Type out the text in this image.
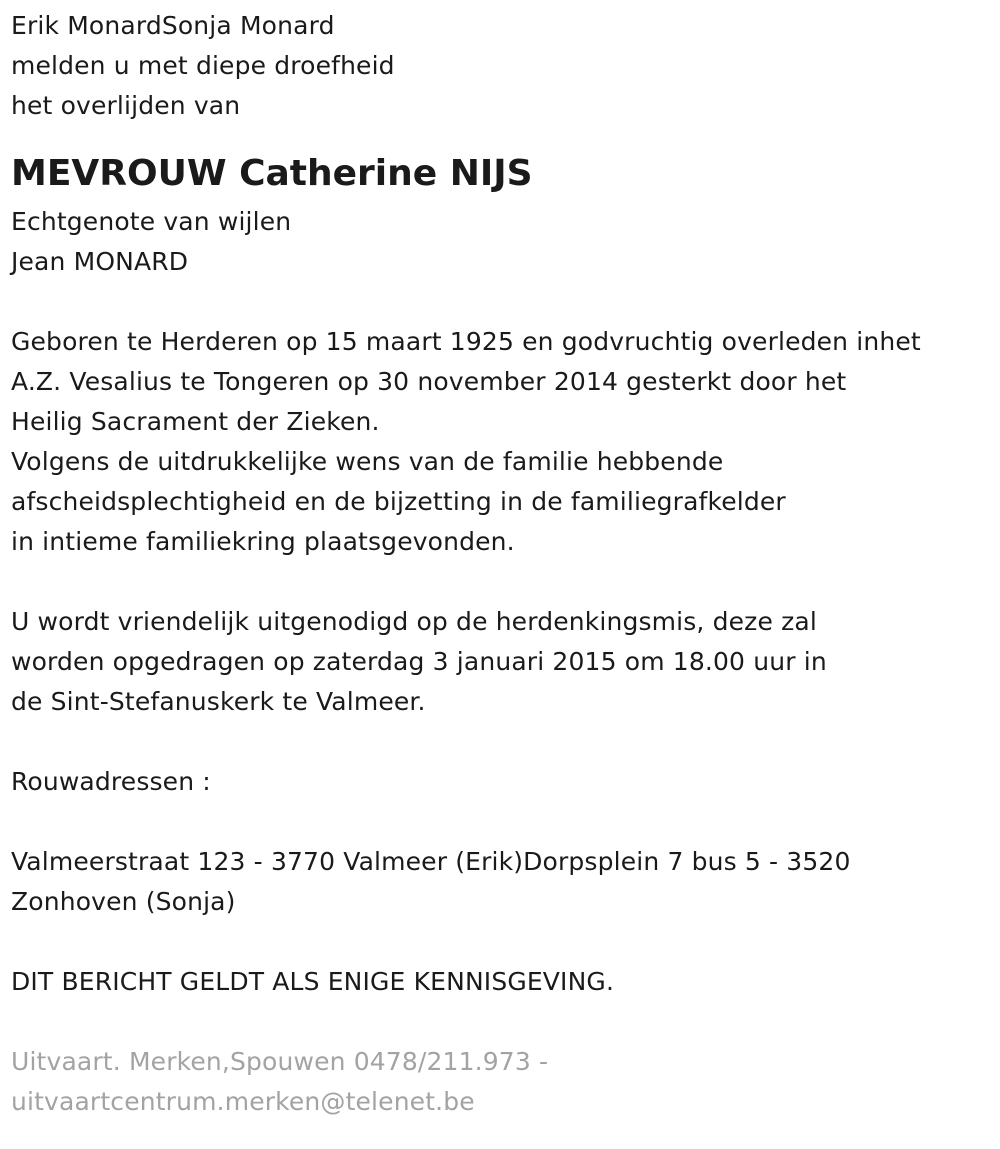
Erik MonardSonja Monard
melden u met diepe droefheid
het overlijden van
MEVROUW Catherine NIJS
Echtgenote van wijlen
Jean MONARD
Geboren te Herderen op 15 maart 1925 en godvruchtig overleden inhet
A.Z. Vesalius te Tongeren op 30 november 2014 gesterkt door het
Heilig Sacrament der Zieken.
Volgens de uitdrukkelijke wens van de familie hebbende
afscheidsplechtigheid en de bijzetting in de familiegrafkelder
in intieme familiekring plaatsgevonden.
U wordt vriendelijk uitgenodigd op de herdenkingsmis, deze zal
worden opgedragen op zaterdag 3 januari 2015 om 18.00 uur in
de Sint-Stefanuskerk te Valmeer.
Rouwadressen :
Valmeerstraat 123 - 3770 Valmeer (Erik)Dorpsplein 7 bus 5 - 3520
Zonhoven (Sonja)
DIT BERICHT GELDT ALS ENIGE KENNISGEVING.
Uitvaart. Merken,Spouwen 0478/211.973 -
uitvaartcentrum.merken@telenet.be
